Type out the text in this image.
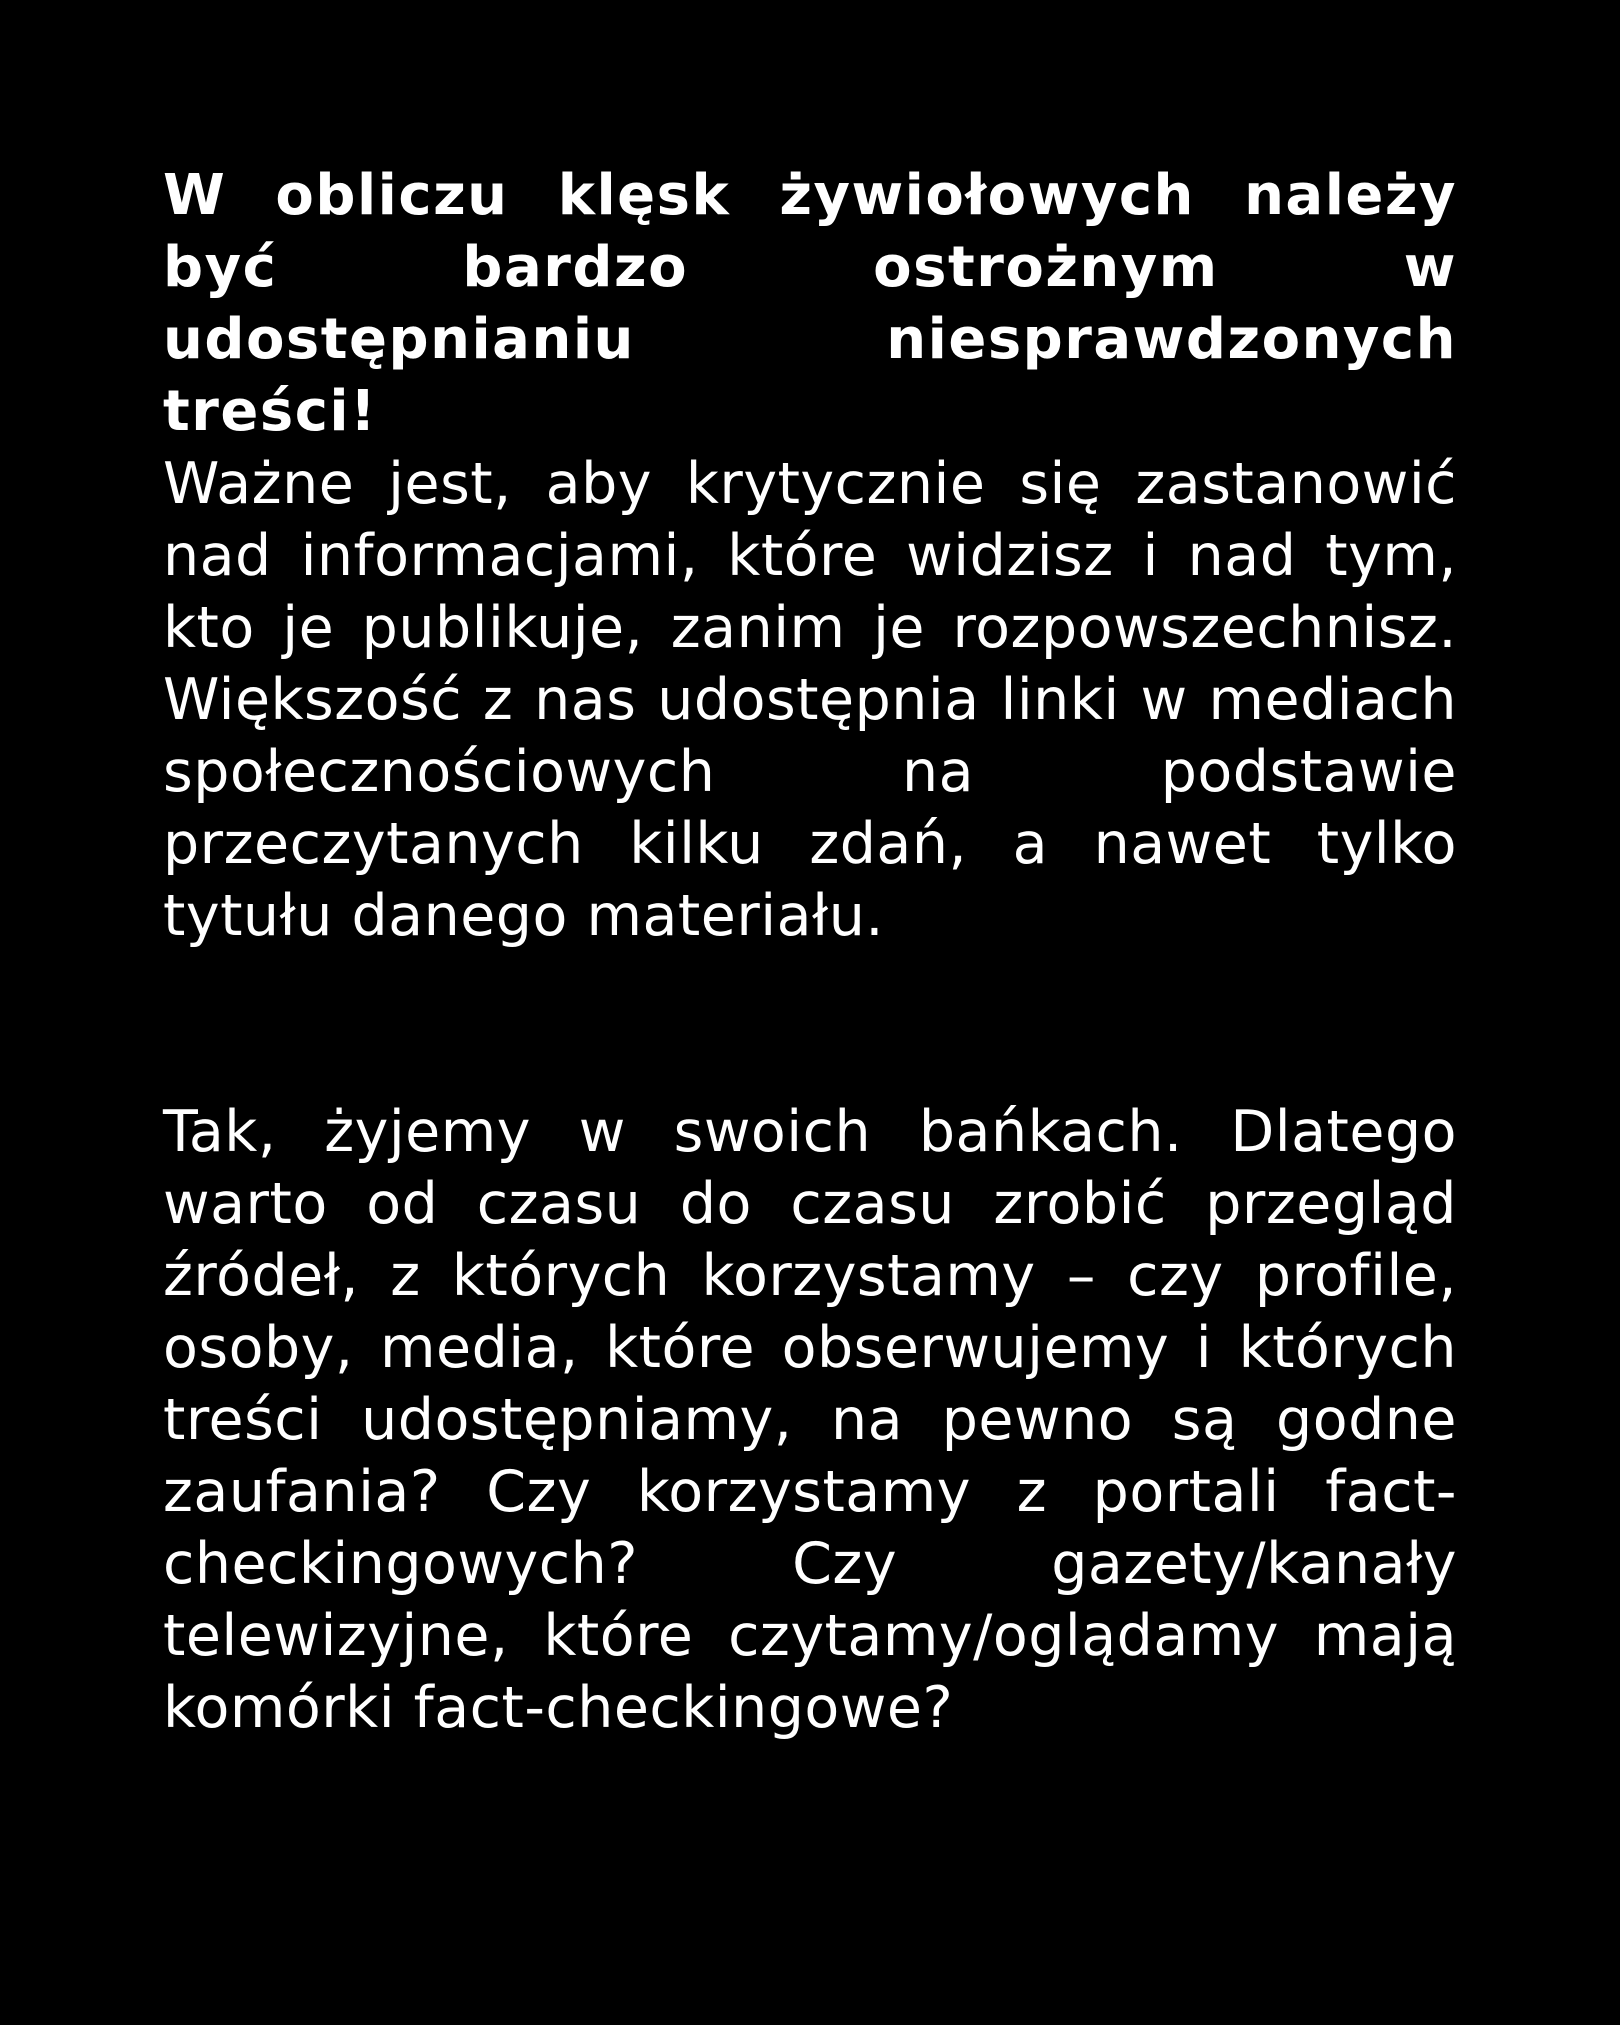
W obliczu klęsk żywiołowych należy być bardzo ostrożnym w udostępnianiu niesprawdzonych treści!

Ważne jest, aby krytycznie się zastanowić nad informacjami, które widzisz i nad tym, kto je publikuje, zanim je rozpowszechnisz. Większość z nas udostępnia linki w mediach społecznościowych na podstawie przeczytanych kilku zdań, a nawet tylko tytułu danego materiału.

Tak, żyjemy w swoich bańkach. Dlatego warto od czasu do czasu zrobić przegląd źródeł, z których korzystamy – czy profile, osoby, media, które obserwujemy i których treści udostępniamy, na pewno są godne zaufania? Czy korzystamy z portali fact-checkingowych? Czy gazety/kanały telewizyjne, które czytamy/oglądamy mają komórki fact-checkingowe?
